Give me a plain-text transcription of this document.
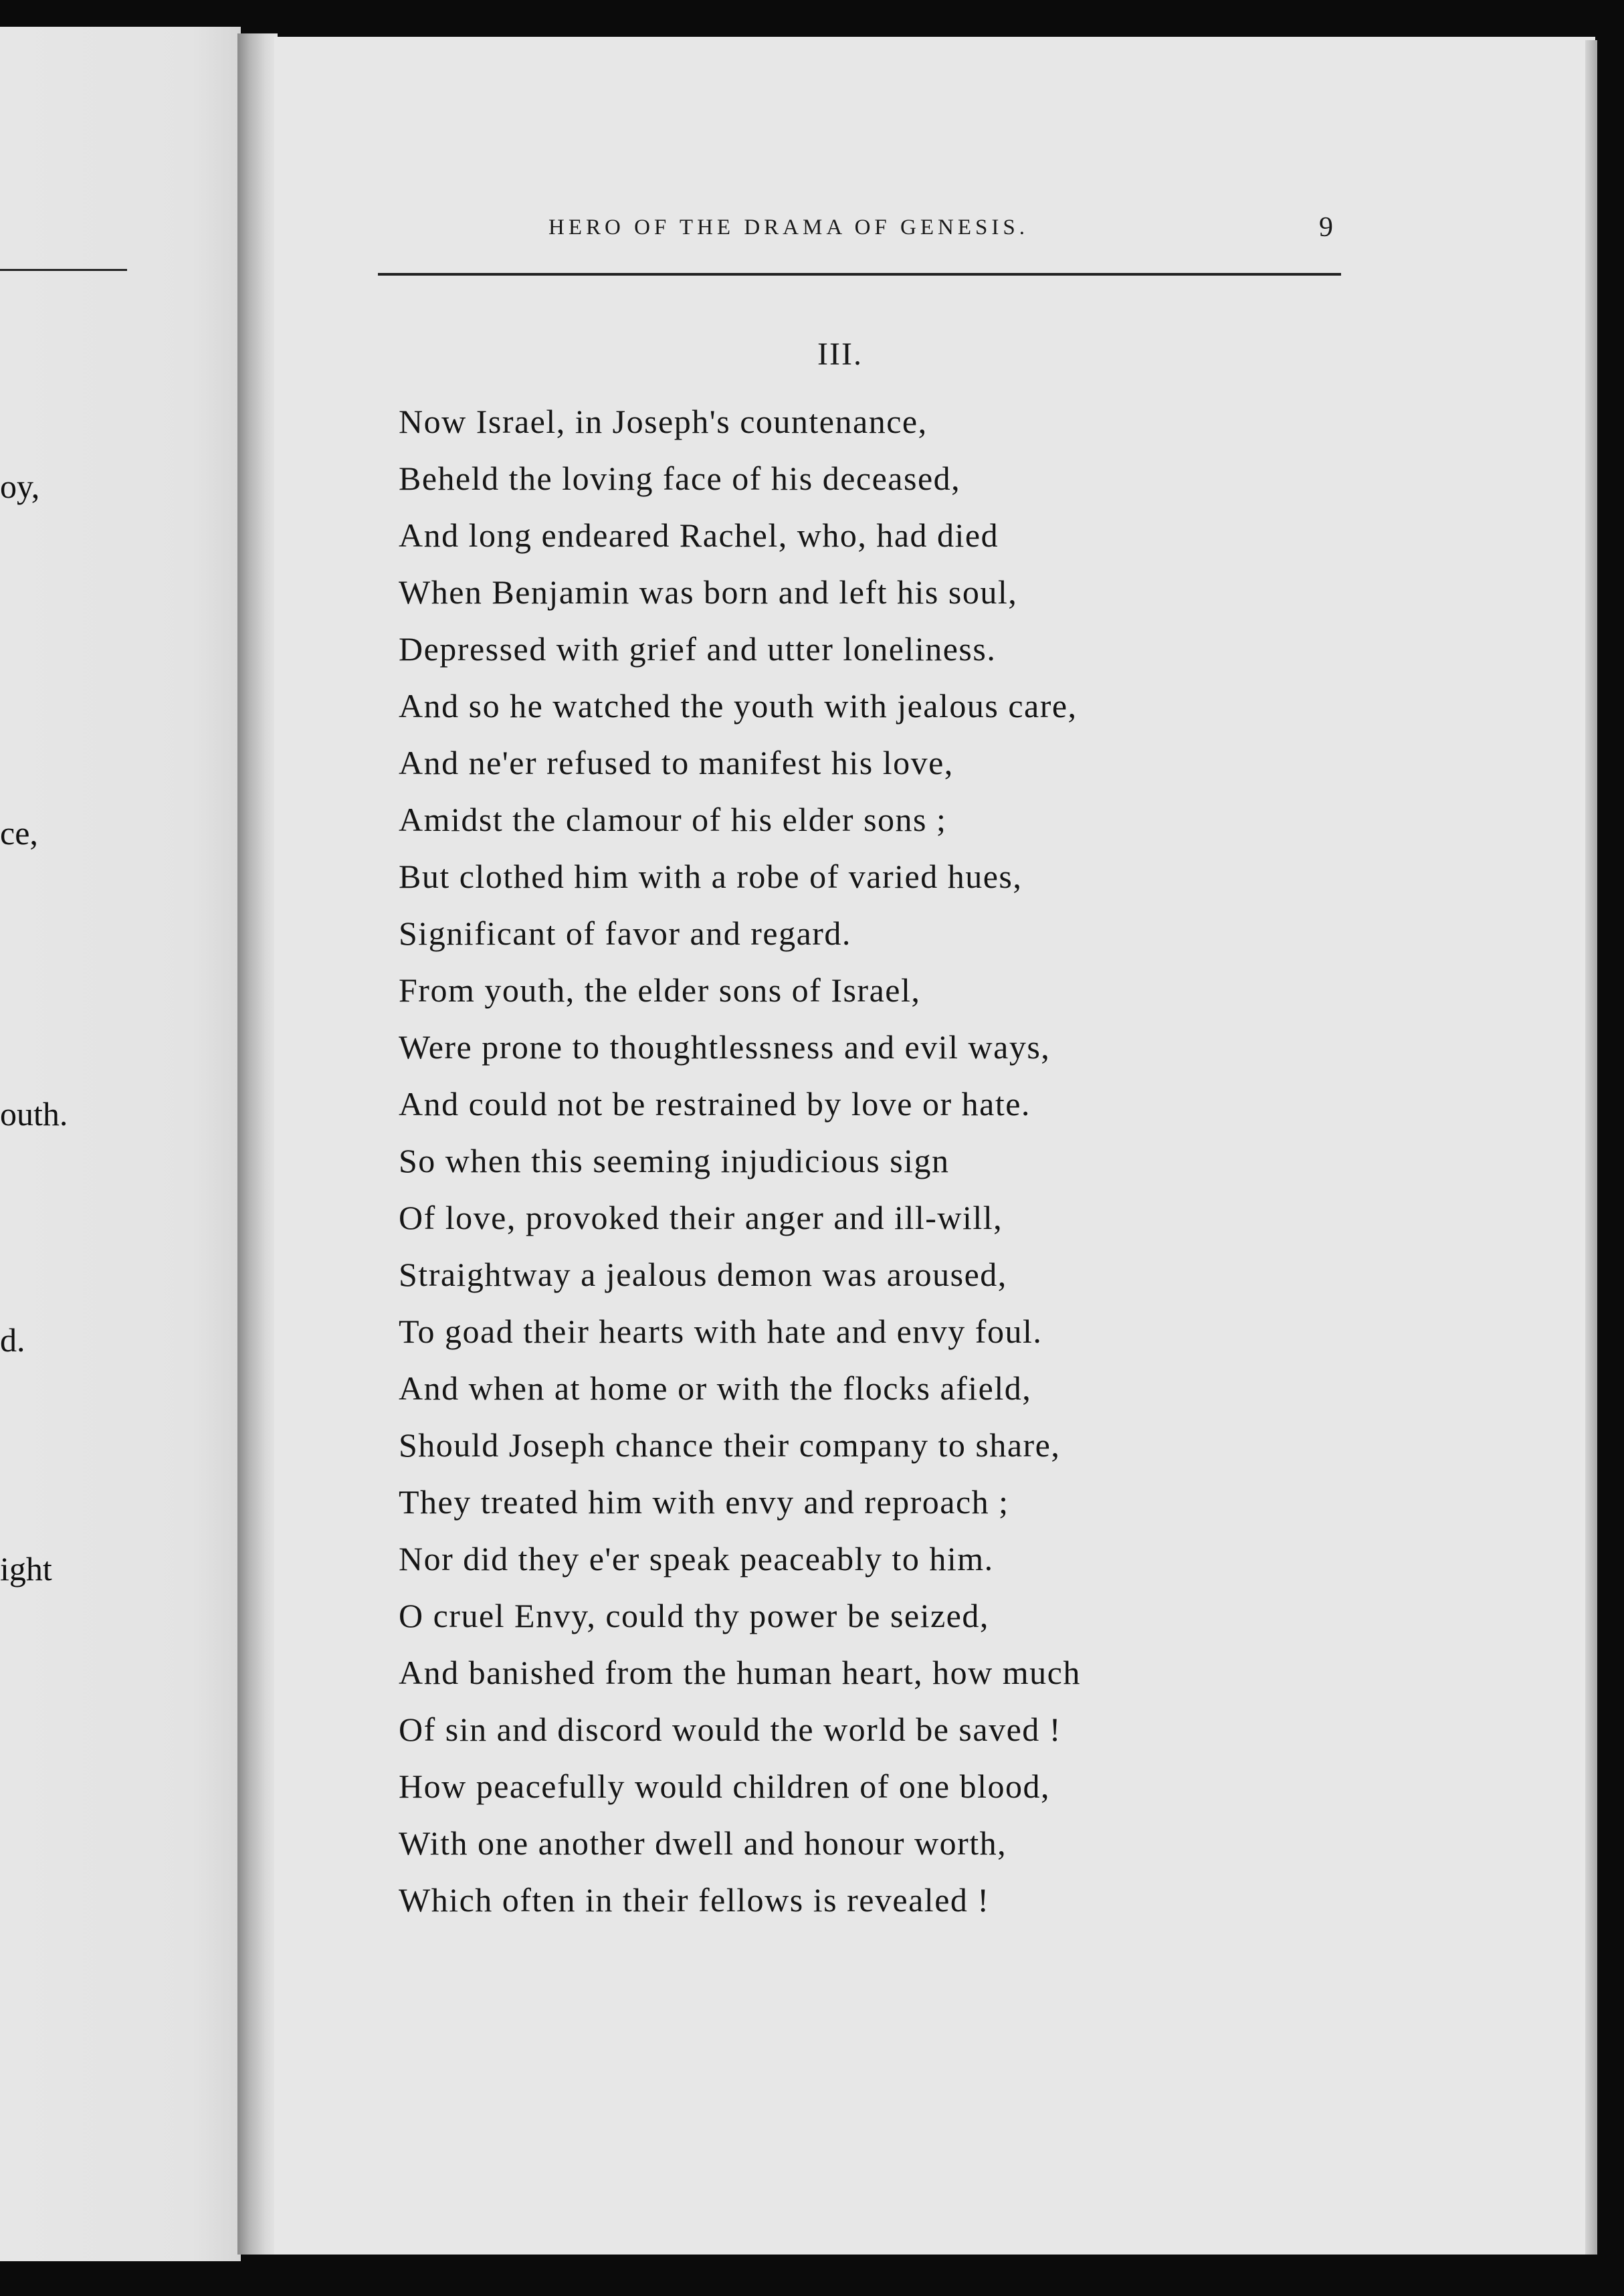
oy,
ce,
outh.
d.
ight
HERO OF THE DRAMA OF GENESIS.	9
III.
Now Israel, in Joseph's countenance,
Beheld the loving face of his deceased,
And long endeared Rachel, who, had died
When Benjamin was born and left his soul,
Depressed with grief and utter loneliness.
And so he watched the youth with jealous care,
And ne'er refused to manifest his love,
Amidst the clamour of his elder sons ;
But clothed him with a robe of varied hues,
Significant of favor and regard.
From youth, the elder sons of Israel,
Were prone to thoughtlessness and evil ways,
And could not be restrained by love or hate.
So when this seeming injudicious sign
Of love, provoked their anger and ill-will,
Straightway a jealous demon was aroused,
To goad their hearts with hate and envy foul.
And when at home or with the flocks afield,
Should Joseph chance their company to share,
They treated him with envy and reproach ;
Nor did they e'er speak peaceably to him.
O cruel Envy, could thy power be seized,
And banished from the human heart, how much
Of sin and discord would the world be saved !
How peacefully would children of one blood,
With one another dwell and honour worth,
Which often in their fellows is revealed !
